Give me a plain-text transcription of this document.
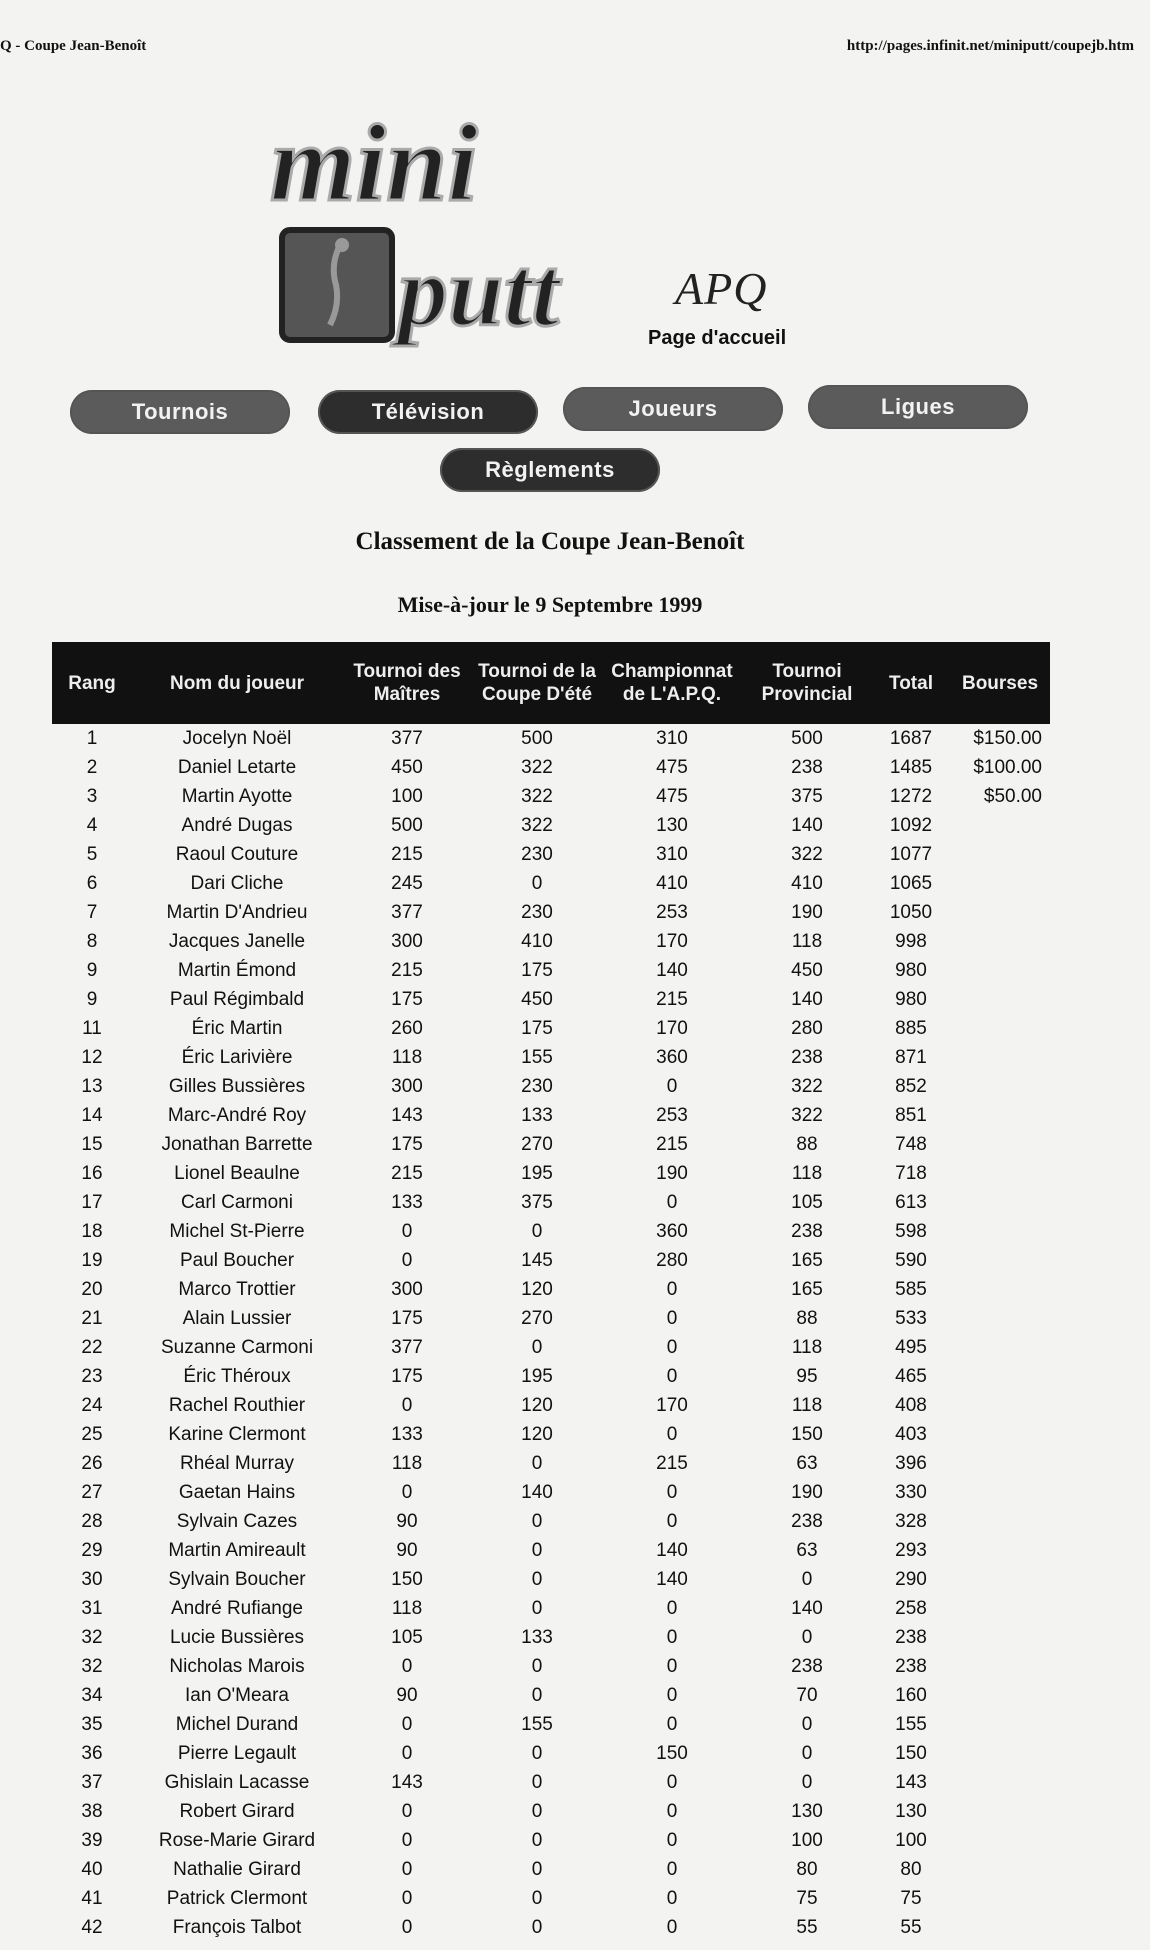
Q - Coupe Jean-Benoît	http://pages.infinit.net/miniputt/coupejb.htm
mini
putt	APQ
Page d'accueil
Tournois	Télévision	Joueurs	Ligues
Règlements
Classement de la Coupe Jean-Benoît
Mise-à-jour le 9 Septembre 1999
Rang	Nom du joueur	Tournoi des Maîtres	Tournoi de la Coupe D'été	Championnat de L'A.P.Q.	Tournoi Provincial	Total	Bourses
1	Jocelyn Noël	377	500	310	500	1687	$150.00
2	Daniel Letarte	450	322	475	238	1485	$100.00
3	Martin Ayotte	100	322	475	375	1272	$50.00
4	André Dugas	500	322	130	140	1092	
5	Raoul Couture	215	230	310	322	1077	
6	Dari Cliche	245	0	410	410	1065	
7	Martin D'Andrieu	377	230	253	190	1050	
8	Jacques Janelle	300	410	170	118	998	
9	Martin Émond	215	175	140	450	980	
9	Paul Régimbald	175	450	215	140	980	
11	Éric Martin	260	175	170	280	885	
12	Éric Larivière	118	155	360	238	871	
13	Gilles Bussières	300	230	0	322	852	
14	Marc-André Roy	143	133	253	322	851	
15	Jonathan Barrette	175	270	215	88	748	
16	Lionel Beaulne	215	195	190	118	718	
17	Carl Carmoni	133	375	0	105	613	
18	Michel St-Pierre	0	0	360	238	598	
19	Paul Boucher	0	145	280	165	590	
20	Marco Trottier	300	120	0	165	585	
21	Alain Lussier	175	270	0	88	533	
22	Suzanne Carmoni	377	0	0	118	495	
23	Éric Théroux	175	195	0	95	465	
24	Rachel Routhier	0	120	170	118	408	
25	Karine Clermont	133	120	0	150	403	
26	Rhéal Murray	118	0	215	63	396	
27	Gaetan Hains	0	140	0	190	330	
28	Sylvain Cazes	90	0	0	238	328	
29	Martin Amireault	90	0	140	63	293	
30	Sylvain Boucher	150	0	140	0	290	
31	André Rufiange	118	0	0	140	258	
32	Lucie Bussières	105	133	0	0	238	
32	Nicholas Marois	0	0	0	238	238	
34	Ian O'Meara	90	0	0	70	160	
35	Michel Durand	0	155	0	0	155	
36	Pierre Legault	0	0	150	0	150	
37	Ghislain Lacasse	143	0	0	0	143	
38	Robert Girard	0	0	0	130	130	
39	Rose-Marie Girard	0	0	0	100	100	
40	Nathalie Girard	0	0	0	80	80	
41	Patrick Clermont	0	0	0	75	75	
42	François Talbot	0	0	0	55	55	
